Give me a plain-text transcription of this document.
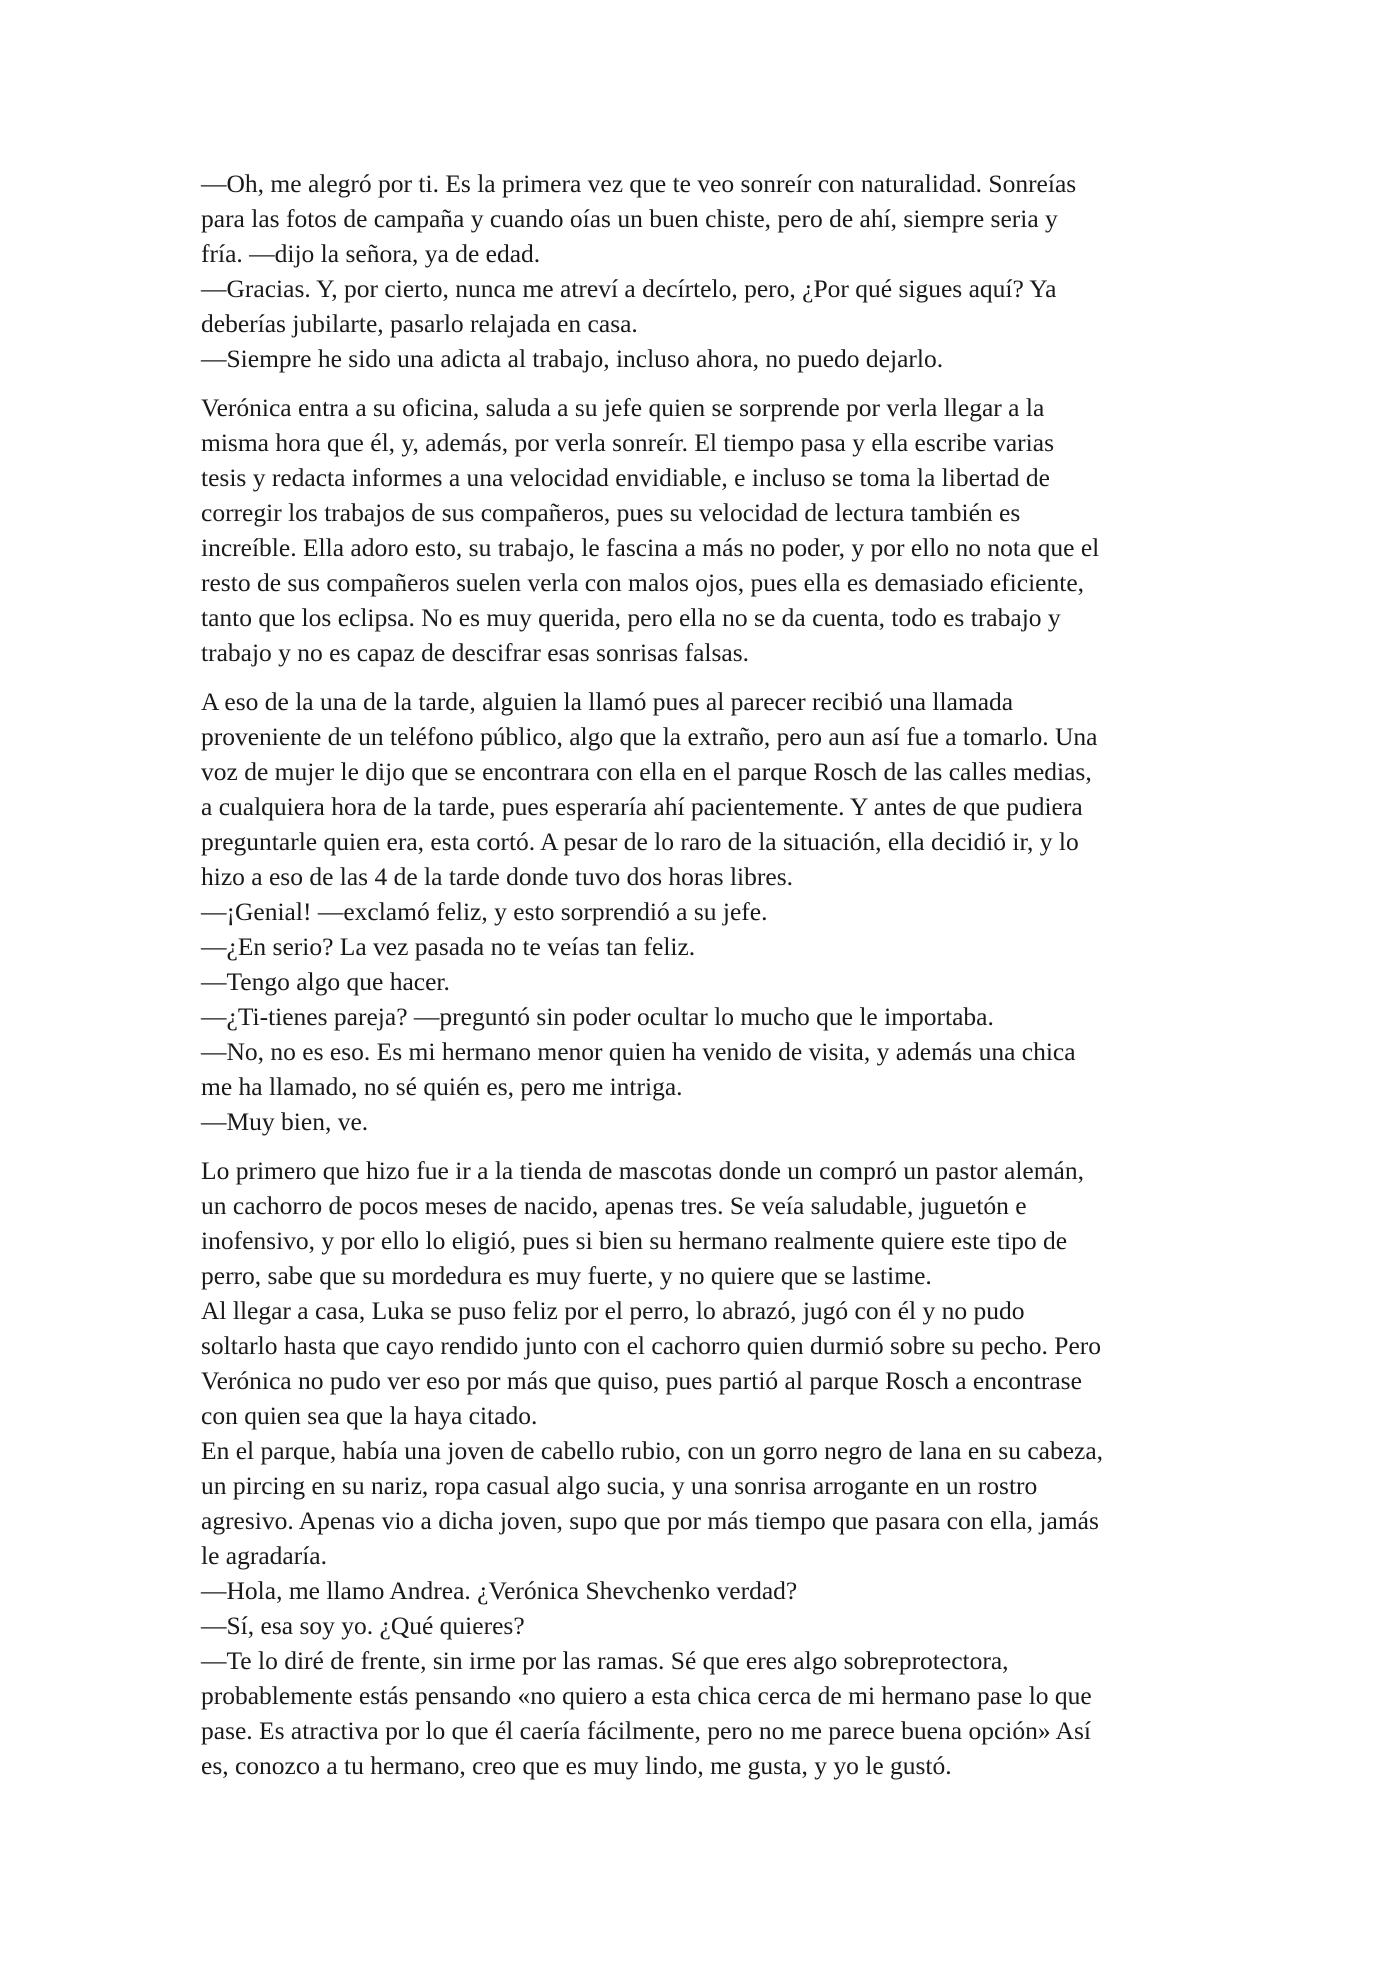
—Oh, me alegró por ti. Es la primera vez que te veo sonreír con naturalidad. Sonreías
para las fotos de campaña y cuando oías un buen chiste, pero de ahí, siempre seria y
fría. —dijo la señora, ya de edad.
—Gracias. Y, por cierto, nunca me atreví a decírtelo, pero, ¿Por qué sigues aquí? Ya
deberías jubilarte, pasarlo relajada en casa.
—Siempre he sido una adicta al trabajo, incluso ahora, no puedo dejarlo.

Verónica entra a su oficina, saluda a su jefe quien se sorprende por verla llegar a la
misma hora que él, y, además, por verla sonreír. El tiempo pasa y ella escribe varias
tesis y redacta informes a una velocidad envidiable, e incluso se toma la libertad de
corregir los trabajos de sus compañeros, pues su velocidad de lectura también es
increíble. Ella adoro esto, su trabajo, le fascina a más no poder, y por ello no nota que el
resto de sus compañeros suelen verla con malos ojos, pues ella es demasiado eficiente,
tanto que los eclipsa. No es muy querida, pero ella no se da cuenta, todo es trabajo y
trabajo y no es capaz de descifrar esas sonrisas falsas.

A eso de la una de la tarde, alguien la llamó pues al parecer recibió una llamada
proveniente de un teléfono público, algo que la extraño, pero aun así fue a tomarlo. Una
voz de mujer le dijo que se encontrara con ella en el parque Rosch de las calles medias,
a cualquiera hora de la tarde, pues esperaría ahí pacientemente. Y antes de que pudiera
preguntarle quien era, esta cortó. A pesar de lo raro de la situación, ella decidió ir, y lo
hizo a eso de las 4 de la tarde donde tuvo dos horas libres.
—¡Genial! —exclamó feliz, y esto sorprendió a su jefe.
—¿En serio? La vez pasada no te veías tan feliz.
—Tengo algo que hacer.
—¿Ti-tienes pareja? —preguntó sin poder ocultar lo mucho que le importaba.
—No, no es eso. Es mi hermano menor quien ha venido de visita, y además una chica
me ha llamado, no sé quién es, pero me intriga.
—Muy bien, ve.

Lo primero que hizo fue ir a la tienda de mascotas donde un compró un pastor alemán,
un cachorro de pocos meses de nacido, apenas tres. Se veía saludable, juguetón e
inofensivo, y por ello lo eligió, pues si bien su hermano realmente quiere este tipo de
perro, sabe que su mordedura es muy fuerte, y no quiere que se lastime.
Al llegar a casa, Luka se puso feliz por el perro, lo abrazó, jugó con él y no pudo
soltarlo hasta que cayo rendido junto con el cachorro quien durmió sobre su pecho. Pero
Verónica no pudo ver eso por más que quiso, pues partió al parque Rosch a encontrase
con quien sea que la haya citado.
En el parque, había una joven de cabello rubio, con un gorro negro de lana en su cabeza,
un pircing en su nariz, ropa casual algo sucia, y una sonrisa arrogante en un rostro
agresivo. Apenas vio a dicha joven, supo que por más tiempo que pasara con ella, jamás
le agradaría.
—Hola, me llamo Andrea. ¿Verónica Shevchenko verdad?
—Sí, esa soy yo. ¿Qué quieres?
—Te lo diré de frente, sin irme por las ramas. Sé que eres algo sobreprotectora,
probablemente estás pensando «no quiero a esta chica cerca de mi hermano pase lo que
pase. Es atractiva por lo que él caería fácilmente, pero no me parece buena opción» Así
es, conozco a tu hermano, creo que es muy lindo, me gusta, y yo le gustó.
